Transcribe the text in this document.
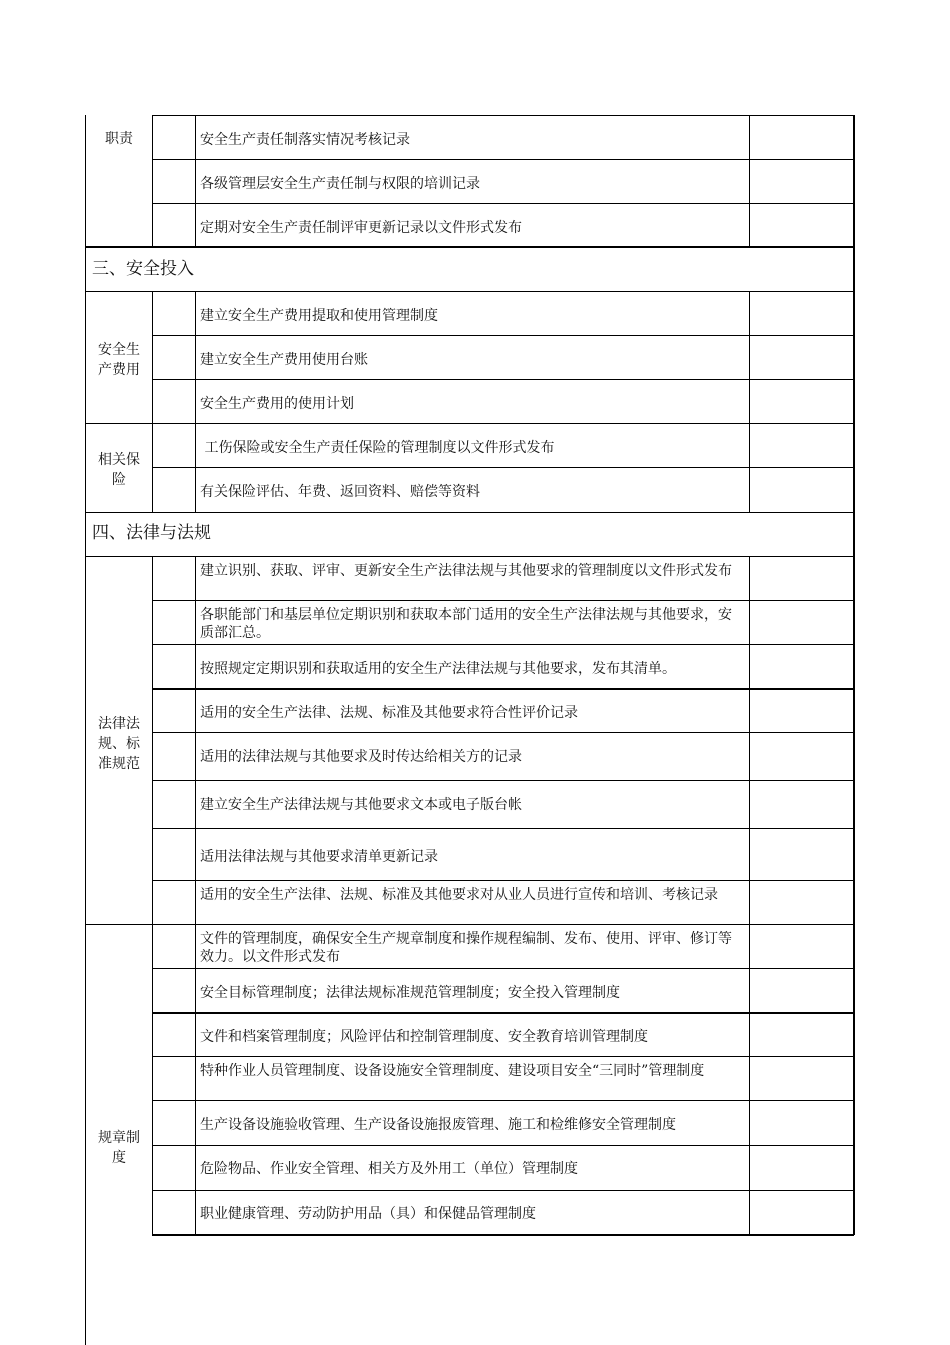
职责	安全生产责任制落实情况考核记录
各级管理层安全生产责任制与权限的培训记录
定期对安全生产责任制评审更新记录以文件形式发布
三、安全投入
安全生
产费用
建立安全生产费用提取和使用管理制度
建立安全生产费用使用台账
安全生产费用的使用计划
相关保
险
工伤保险或安全生产责任保险的管理制度以文件形式发布
有关保险评估、年费、返回资料、赔偿等资料
四、法律与法规
法律法
规、标
准规范
建立识别、获取、评审、更新安全生产法律法规与其他要求的管理制度以文件形式发布
各职能部门和基层单位定期识别和获取本部门适用的安全生产法律法规与其他要求，安质部汇总。
按照规定定期识别和获取适用的安全生产法律法规与其他要求，发布其清单。
适用的安全生产法律、法规、标准及其他要求符合性评价记录
适用的法律法规与其他要求及时传达给相关方的记录
建立安全生产法律法规与其他要求文本或电子版台帐
适用法律法规与其他要求清单更新记录
适用的安全生产法律、法规、标准及其他要求对从业人员进行宣传和培训、考核记录
规章制
度
文件的管理制度，确保安全生产规章制度和操作规程编制、发布、使用、评审、修订等效力。以文件形式发布
安全目标管理制度；法律法规标准规范管理制度；安全投入管理制度
文件和档案管理制度；风险评估和控制管理制度、安全教育培训管理制度
特种作业人员管理制度、设备设施安全管理制度、建设项目安全“三同时”管理制度
生产设备设施验收管理、生产设备设施报废管理、施工和检维修安全管理制度
危险物品、作业安全管理、相关方及外用工（单位）管理制度
职业健康管理、劳动防护用品（具）和保健品管理制度
